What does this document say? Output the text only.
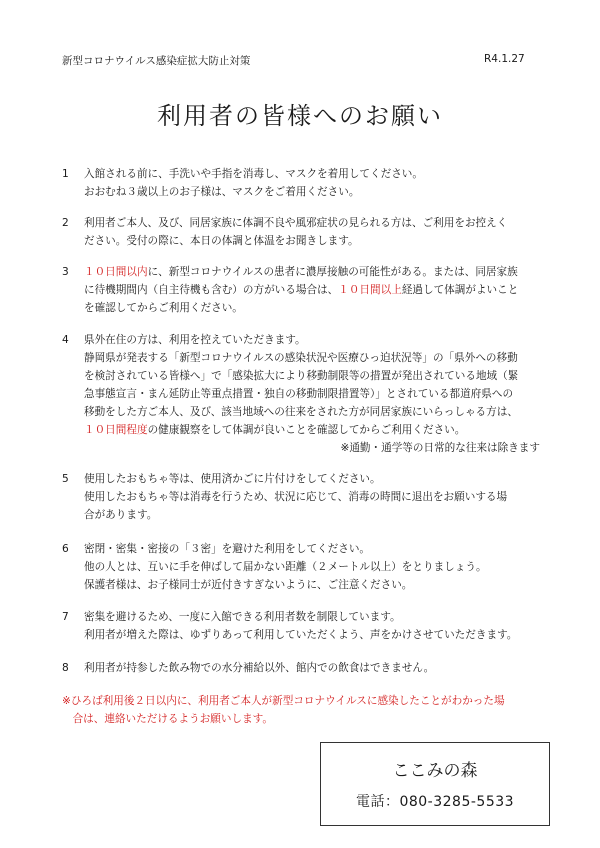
新型コロナウイルス感染症拡大防止対策	R4.1.27
利用者の皆様へのお願い
1	入館される前に、手洗いや手指を消毒し、マスクを着用してください。
おおむね３歳以上のお子様は、マスクをご着用ください。
2	利用者ご本人、及び、同居家族に体調不良や風邪症状の見られる方は、ご利用をお控えく
ださい。受付の際に、本日の体調と体温をお聞きします。
3	１０日間以内に、新型コロナウイルスの患者に濃厚接触の可能性がある。または、同居家族
に待機期間内（自主待機も含む）の方がいる場合は、１０日間以上経過して体調がよいこと
を確認してからご利用ください。
4	県外在住の方は、利用を控えていただきます。
静岡県が発表する「新型コロナウイルスの感染状況や医療ひっ迫状況等」の「県外への移動
を検討されている皆様へ」で「感染拡大により移動制限等の措置が発出されている地域（緊
急事態宣言・まん延防止等重点措置・独自の移動制限措置等）」とされている都道府県への
移動をした方ご本人、及び、該当地域への往来をされた方が同居家族にいらっしゃる方は、
１０日間程度の健康観察をして体調が良いことを確認してからご利用ください。
※通勤・通学等の日常的な往来は除きます
5	使用したおもちゃ等は、使用済かごに片付けをしてください。
使用したおもちゃ等は消毒を行うため、状況に応じて、消毒の時間に退出をお願いする場
合があります。
6	密閉・密集・密接の「３密」を避けた利用をしてください。
他の人とは、互いに手を伸ばして届かない距離（２メートル以上）をとりましょう。
保護者様は、お子様同士が近付きすぎないように、ご注意ください。
7	密集を避けるため、一度に入館できる利用者数を制限しています。
利用者が増えた際は、ゆずりあって利用していただくよう、声をかけさせていただきます。
8	利用者が持参した飲み物での水分補給以外、館内での飲食はできません。
※ひろば利用後２日以内に、利用者ご本人が新型コロナウイルスに感染したことがわかった場
　合は、連絡いただけるようお願いします。
ここみの森
電話：080-3285-5533
